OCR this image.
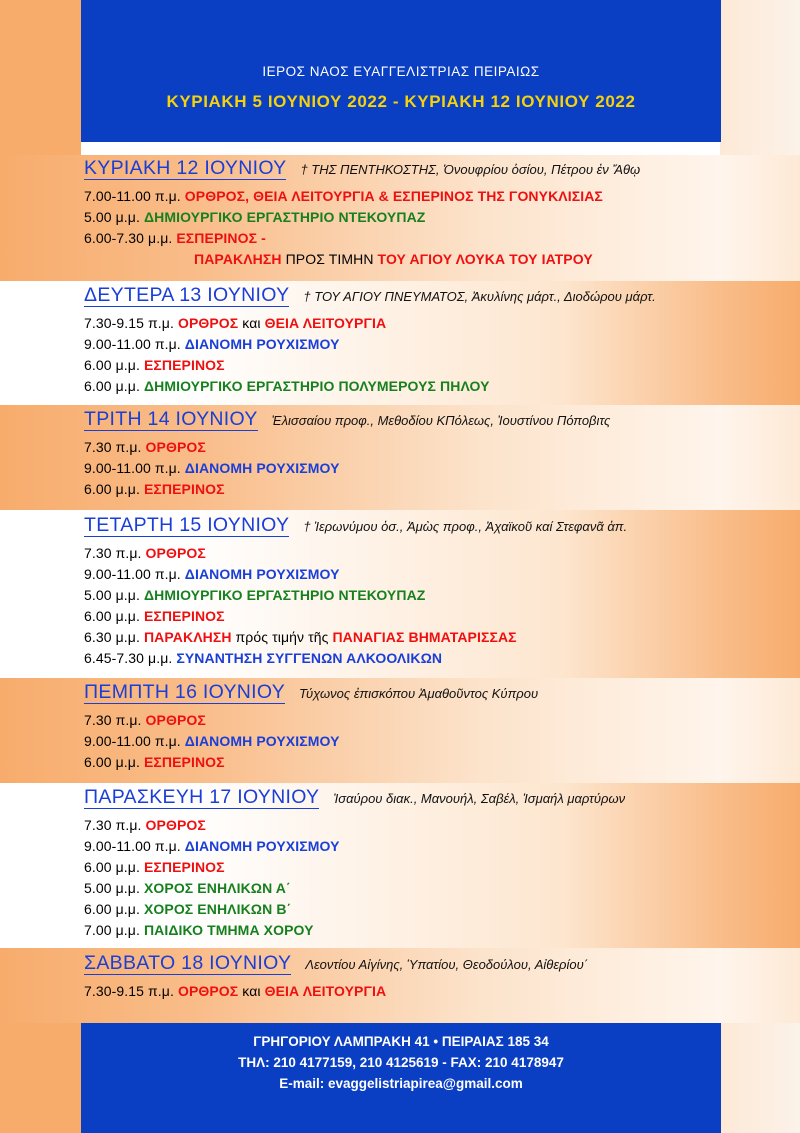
ΙΕΡΟΣ ΝΑΟΣ ΕΥΑΓΓΕΛΙΣΤΡΙΑΣ ΠΕΙΡΑΙΩΣ
ΚΥΡΙΑΚΗ 5 ΙΟΥΝΙΟΥ 2022 - ΚΥΡΙΑΚΗ 12 ΙΟΥΝΙΟΥ 2022
ΚΥΡΙΑΚΗ 12 ΙΟΥΝΙΟΥ † ΤΗΣ ΠΕΝΤΗΚΟΣΤΗΣ, Ὀνουφρίου ὁσίου, Πέτρου ἐν Ἄθῳ
7.00-11.00 π.μ. ΟΡΘΡΟΣ, ΘΕΙΑ ΛΕΙΤΟΥΡΓΙΑ & ΕΣΠΕΡΙΝΟΣ ΤΗΣ ΓΟΝΥΚΛΙΣΙΑΣ
5.00 μ.μ. ΔΗΜΙΟΥΡΓΙΚΟ ΕΡΓΑΣΤΗΡΙΟ ΝΤΕΚΟΥΠΑΖ
6.00-7.30 μ.μ. ΕΣΠΕΡΙΝΟΣ -
ΠΑΡΑΚΛΗΣΗ ΠΡΟΣ ΤΙΜΗΝ ΤΟΥ ΑΓΙΟΥ ΛΟΥΚΑ ΤΟΥ ΙΑΤΡΟΥ
ΔΕΥΤΕΡΑ 13 ΙΟΥΝΙΟΥ † ΤΟΥ ΑΓΙΟΥ ΠΝΕΥΜΑΤΟΣ, Ἀκυλίνης μάρτ., Διοδώρου μάρτ.
7.30-9.15 π.μ. ΟΡΘΡΟΣ και ΘΕΙΑ ΛΕΙΤΟΥΡΓΙΑ
9.00-11.00 π.μ. ΔΙΑΝΟΜΗ ΡΟΥΧΙΣΜΟΥ
6.00 μ.μ. ΕΣΠΕΡΙΝΟΣ
6.00 μ.μ. ΔΗΜΙΟΥΡΓΙΚΟ ΕΡΓΑΣΤΗΡΙΟ ΠΟΛΥΜΕΡΟΥΣ ΠΗΛΟΥ
ΤΡΙΤΗ 14 ΙΟΥΝΙΟΥ Ἐλισσαίου προφ., Μεθοδίου ΚΠόλεως, Ἰουστίνου Πόποβιτς
7.30 π.μ. ΟΡΘΡΟΣ
9.00-11.00 π.μ. ΔΙΑΝΟΜΗ ΡΟΥΧΙΣΜΟΥ
6.00 μ.μ. ΕΣΠΕΡΙΝΟΣ
ΤΕΤΑΡΤΗ 15 ΙΟΥΝΙΟΥ † Ἱερωνύμου ὁσ., Ἀμὼς προφ., Ἀχαϊκοῦ καί Στεφανᾶ ἀπ.
7.30 π.μ. ΟΡΘΡΟΣ
9.00-11.00 π.μ. ΔΙΑΝΟΜΗ ΡΟΥΧΙΣΜΟΥ
5.00 μ.μ. ΔΗΜΙΟΥΡΓΙΚΟ ΕΡΓΑΣΤΗΡΙΟ ΝΤΕΚΟΥΠΑΖ
6.00 μ.μ. ΕΣΠΕΡΙΝΟΣ
6.30 μ.μ. ΠΑΡΑΚΛΗΣΗ πρός τιμήν τῆς ΠΑΝΑΓΙΑΣ ΒΗΜΑΤΑΡΙΣΣΑΣ
6.45-7.30 μ.μ. ΣΥΝΑΝΤΗΣΗ ΣΥΓΓΕΝΩΝ ΑΛΚΟΟΛΙΚΩΝ
ΠΕΜΠΤΗ 16 ΙΟΥΝΙΟΥ Τύχωνος ἐπισκόπου Ἀμαθοῦντος Κύπρου
7.30 π.μ. ΟΡΘΡΟΣ
9.00-11.00 π.μ. ΔΙΑΝΟΜΗ ΡΟΥΧΙΣΜΟΥ
6.00 μ.μ. ΕΣΠΕΡΙΝΟΣ
ΠΑΡΑΣΚΕΥΗ 17 ΙΟΥΝΙΟΥ Ἰσαύρου διακ., Μανουήλ, Σαβέλ, Ἰσμαήλ μαρτύρων
7.30 π.μ. ΟΡΘΡΟΣ
9.00-11.00 π.μ. ΔΙΑΝΟΜΗ ΡΟΥΧΙΣΜΟΥ
6.00 μ.μ. ΕΣΠΕΡΙΝΟΣ
5.00 μ.μ. ΧΟΡΟΣ ΕΝΗΛΙΚΩΝ Α΄
6.00 μ.μ. ΧΟΡΟΣ ΕΝΗΛΙΚΩΝ Β΄
7.00 μ.μ. ΠΑΙΔΙΚΟ ΤΜΗΜΑ ΧΟΡΟΥ
ΣΑΒΒΑΤΟ 18 ΙΟΥΝΙΟΥ Λεοντίου Αἰγίνης, Ὑπατίου, Θεοδούλου, Αἰθερίου΄
7.30-9.15 π.μ. ΟΡΘΡΟΣ και ΘΕΙΑ ΛΕΙΤΟΥΡΓΙΑ
ΓΡΗΓΟΡΙΟΥ ΛΑΜΠΡΑΚΗ 41 • ΠΕΙΡΑΙΑΣ 185 34
ΤΗΛ: 210 4177159, 210 4125619 - FAX: 210 4178947
E-mail: evaggelistriapirea@gmail.com
